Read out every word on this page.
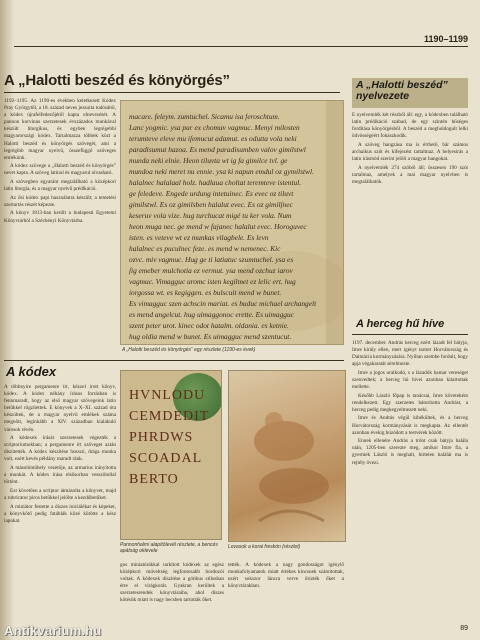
1190–1199
A „Halotti beszéd és könyörgés”

1192–1195. Az 1190-es években keletkezett Kódex Pray Györgytől, a 18. század neves jezsuita tudósától, a kódex újrafelfedezőjétől kapta elnevezését. A pannon korvinus szerzetesek évszázados munkával készült liturgikus, és egyben legrégebbi magyarországi kódex. Tartalmazza többek közt a Halotti beszéd és könyörgés szövegét, ami a legrégibb magyar nyelvű, összefüggő szöveges emlékünk.

A kódex szövege a „Halotti beszéd és könyörgés” nevet kapta. A szöveg latinul és magyarul olvasható.

A szövegben egyaránt megtalálható a középkori latin liturgia, és a magyar nyelvű prédikáció.

Az ősi kódex papi használatra készült; a temetési szertartás részét képezte.

A könyv 1813-ban került a budapesti Egyetemi Könyvtárból a Széchényi Könyvtárba.

macare. feleym. zumtuchel. Sicamu isa feroschtum.
Lanc yogmic. ysa pur ex chomuv vagmuc. Menyi milosten
terumteve eleve mu iſemucut adamut. es odutta vola neki
paradisumut hazoa. Es mend paradisumben valov gimilstwl
munda neki elnie. Heon tiluvta wt ig fa gimilce tvl. ge
mundoa neki meret nu ennie. ysa ki napun emdul oz gymilstwl.
halalnec halalaal holz. hadlaua choltat teremteve istentul.
ge feledeve. Engede urdung intetuinec. Es evec oz tiluvt
gimilstwl. Es oz gimilsben halalut evec. Es oz gimilſnec
keseruv vola vize. hug turchucat migé tu ker vola. Num
heon muga nec. ge mend w fajanec halalut evec. Horoguvec
isten. es veteve wt ez munkas vilagbele. Es levn
halalnec es puculnec feze. es mend w nemenec. Kic
ozvc. miv vagmuc. Hug ge ti latiatuc szumtuchel. ysa es
ſig emeber mulchotia ez vermut. ysa mend ozchuz iarov
vagmuc. Vimagguc uromc isten kegilmet ez lelic ert. hug
iorgossa wt. es kegiggen. es bulscuit mend w bunet.
Es vimagguc szen achscin mariat. es buduc michael archangelt
es mend angelcut. hug uimaggonoc erette. Es uimagguc
szent peter urot. kinec odot hatalm. oldania. es ketnie.
hug oldia mend w bunet. Es uimagguc mend szentucut.
A „Halotti beszéd és könyörgés” egy részlete (1190-es évek)
A „Halotti beszéd”
nyelvezete

E nyelvemlék két részből áll: egy, a kódexben található latin prédikáció szabad, de egy szintén hűséges fordítása könyörgésből. A beszéd a megholdogult lelki üdvösségéért fohászkodik.

A szöveg hangzása ma is érthető, bár számos archaikus szót és kifejezést tartalmaz. A helyesírás a latin írásmód szerint jelöli a magyar hangokat.

A nyelvemlék 274 szóból áll; összesen 190 szót tartalmaz, amelyek a mai magyar nyelvben is megtalálhatók.

A herceg hű híve

1197. december. András herceg ezért lázadt fel bátyja, Imre király ellen, mert igényt tartott Horvátország és Dalmácia kormányzására. Nyíltan szembe fordult, hogy apja végakaratát sérelmezte.

Imre a jogos uralkodó, s a lázadók hamar vereséget szenvedtek; a herceg hű hívei azonban kitartottak mellette.

Később László főpap is tanácsai, Imre követeként rendelkezett. Egy szerzetes bátorította Andrást, a herceg pedig megkegyelmezett neki.

Imre és András végül kibékültek, és a herceg Horvátország kormányzását is megkapta. Az ellentét azonban évekig húzódott a testvérek között.

Ennek ellenére András a trónt csak bátyja halála után, 1205-ben szerezte meg, amikor Imre fia, a gyermek László is meghalt, hirtelen halálát ma is rejtély övezi.

A kódex

A többnyire pergamenre írt, kézzel írott könyv, kódex. A kódex néhány írásos forrásban is fennmaradt, hogy az első magyar szövegeink latin betűkkel rögzítettek. E könyvek a X–XI. század óta készültek, de a magyar nyelvű emlékek száma megnőtt, leginkább a XIV. században kialakuló városok révén.

A kódexek írását szerzetesek végezték a scriptoriumokban; a pergamenre írt szöveget aztán díszítették. A kódex készítése hosszú, drága munka volt, ezért kevés példány maradt ránk.

A másolóműhely vezetője, az armarius irányította a munkát. A kódex írása elsősorban vesszőtollal történt.

Ezt követően a scriptor átmásolta a könyvet, majd a rubricator piros betűkkel jelölte a kezdőbetűket.

A miniátor festette a díszes iniciálékat és képeket, a könyvkötő pedig fatáblák közé kötötte a kész lapokat.

HVNLODU
CEMDEDIT
PHRDWS
SCOADAL
BERTO
Pannonhalmi alapítólevél részlete, a bencés apátság oklevele
Lovasok a korai freskón (részlet)

gos miniatúrákkal tarkított kódexek az egész középkori műveltség legfontosabb hordozói voltak. A kódexek díszítése a gótikus stílusban érte el virágkorát. Gyakran kerültek a szerzetesrendek könyvtáraiba, ahol díszes kötésük miatt is nagy becsben tartották őket.

tették. A kódexek a nagy gondosságot igénylő munkafolyamatok miatt értékes kincsnek számítottak, ezért sokszor láncra verve őrizték őket a könyvtárakban.

89
Antikvarium.hu
